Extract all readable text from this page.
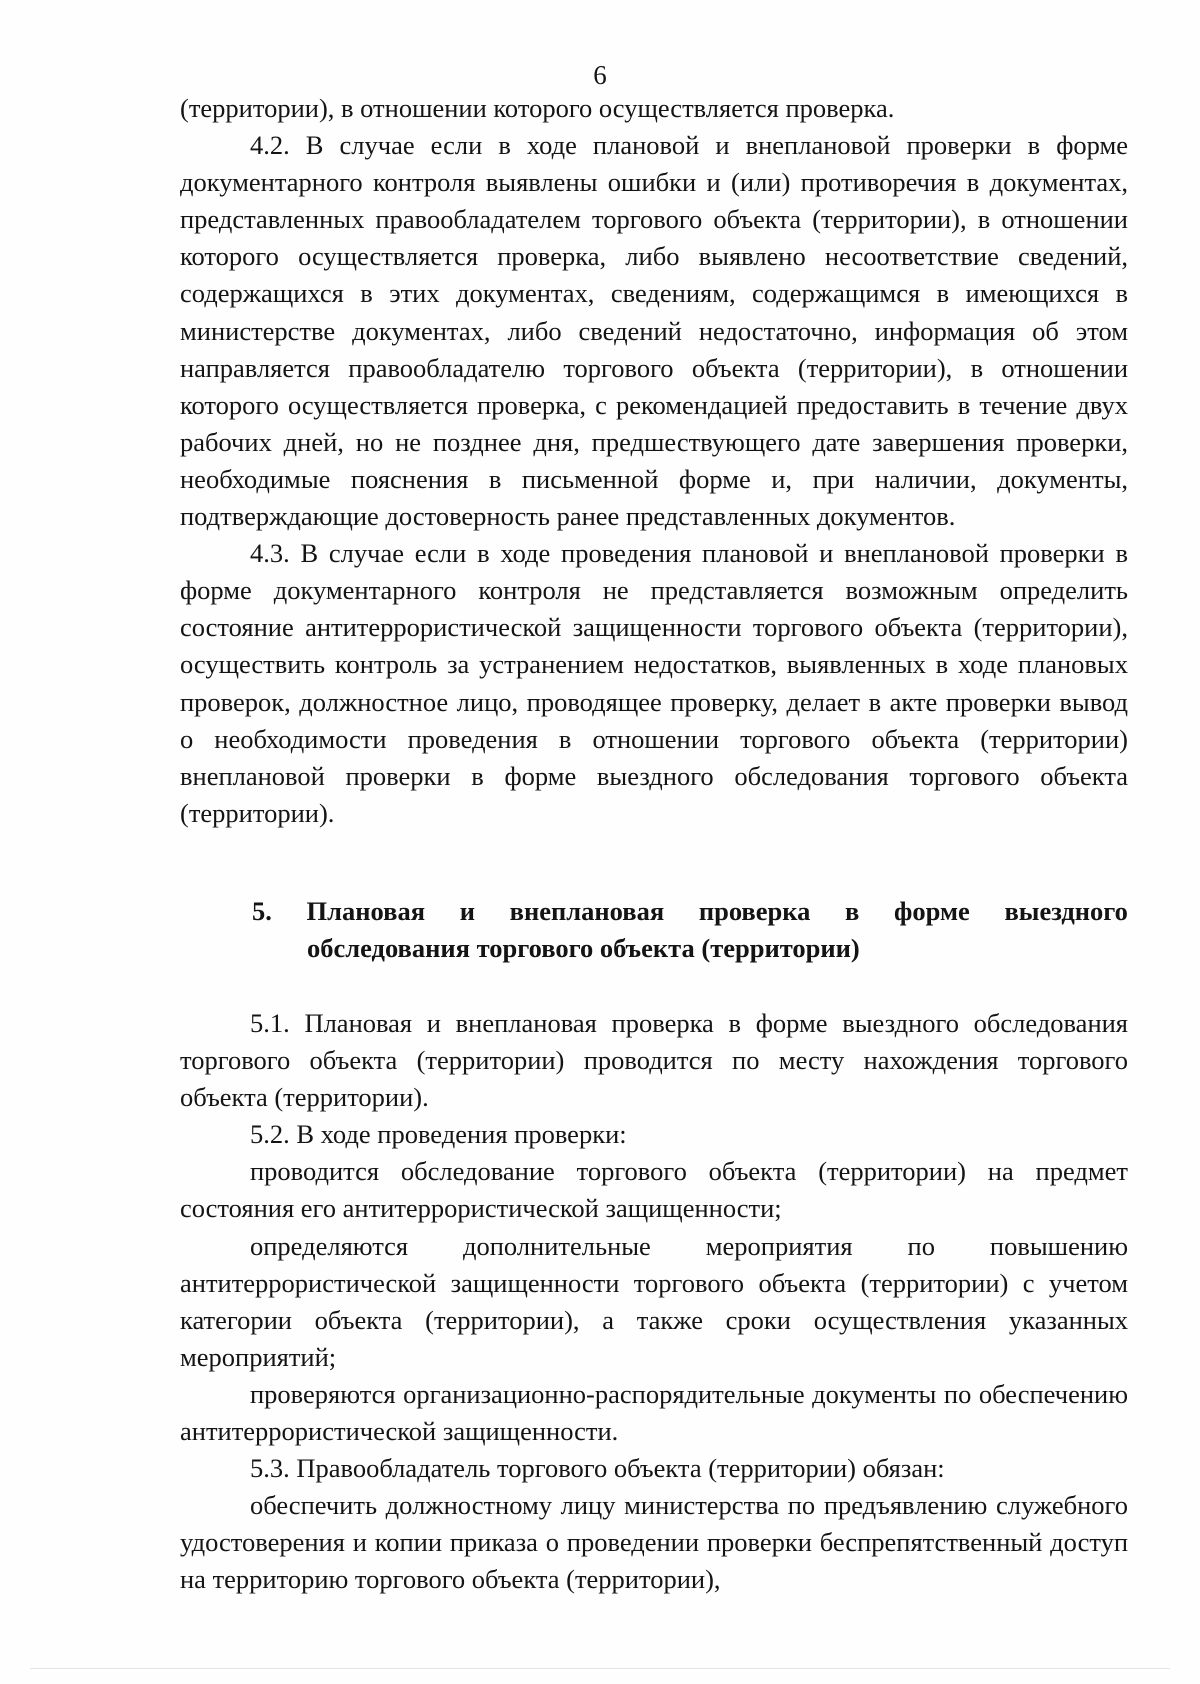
6

(территории), в отношении которого осуществляется проверка.

4.2. В случае если в ходе плановой и внеплановой проверки в форме документарного контроля выявлены ошибки и (или) противоречия в документах, представленных правообладателем торгового объекта (территории), в отношении которого осуществляется проверка, либо выявлено несоответствие сведений, содержащихся в этих документах, сведениям, содержащимся в имеющихся в министерстве документах, либо сведений недостаточно, информация об этом направляется правообладателю торгового объекта (территории), в отношении которого осуществляется проверка, с рекомендацией предоставить в течение двух рабочих дней, но не позднее дня, предшествующего дате завершения проверки, необходимые пояснения в письменной форме и, при наличии, документы, подтверждающие достоверность ранее представленных документов.

4.3. В случае если в ходе проведения плановой и внеплановой проверки в форме документарного контроля не представляется возможным определить состояние антитеррористической защищенности торгового объекта (территории), осуществить контроль за устранением недостатков, выявленных в ходе плановых проверок, должностное лицо, проводящее проверку, делает в акте проверки вывод о необходимости проведения в отношении торгового объекта (территории) внеплановой проверки в форме выездного обследования торгового объекта (территории).

5. Плановая и внеплановая проверка в форме выездного
обследования торгового объекта (территории)

5.1. Плановая и внеплановая проверка в форме выездного обследования торгового объекта (территории) проводится по месту нахождения торгового объекта (территории).

5.2. В ходе проведения проверки:

проводится обследование торгового объекта (территории) на предмет состояния его антитеррористической защищенности;

определяются дополнительные мероприятия по повышению антитеррористической защищенности торгового объекта (территории) с учетом категории объекта (территории), а также сроки осуществления указанных мероприятий;

проверяются организационно-распорядительные документы по обеспечению антитеррористической защищенности.

5.3. Правообладатель торгового объекта (территории) обязан:

обеспечить должностному лицу министерства по предъявлению служебного удостоверения и копии приказа о проведении проверки беспрепятственный доступ на территорию торгового объекта (территории),
